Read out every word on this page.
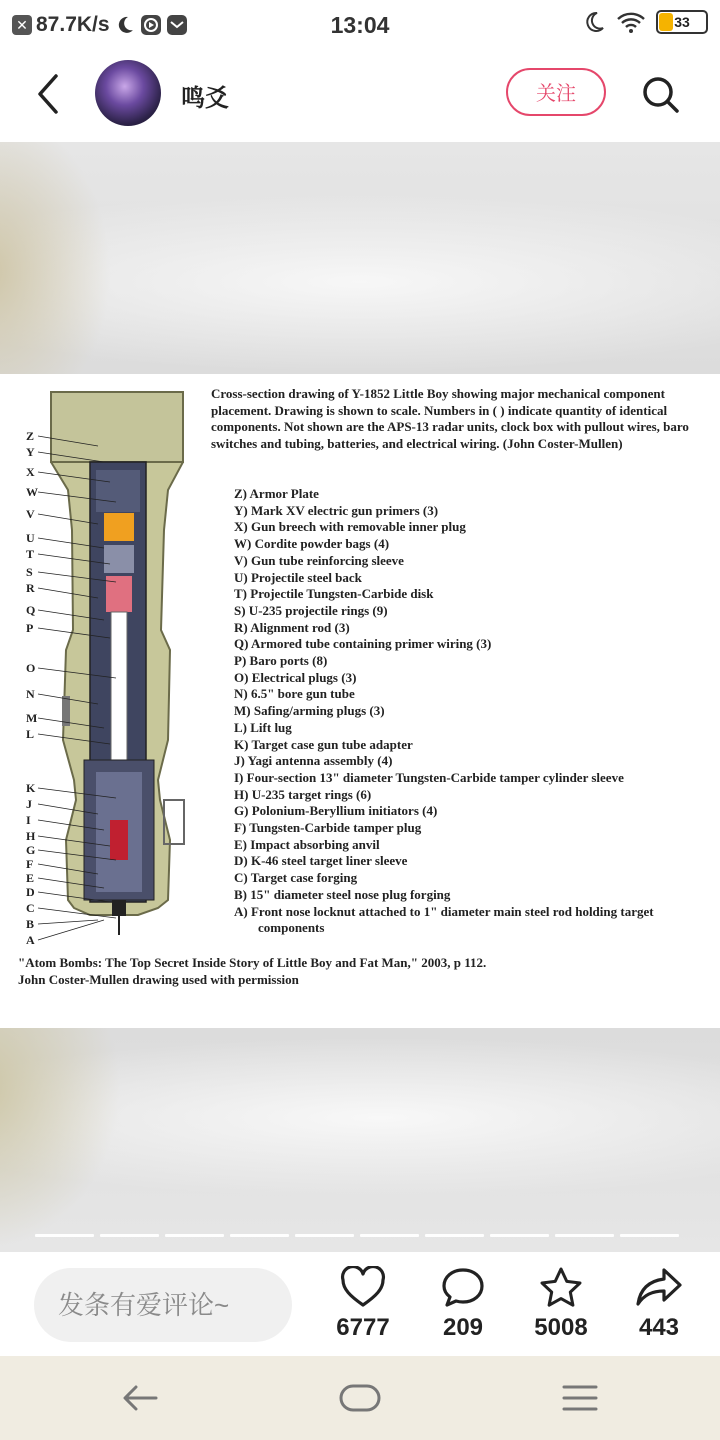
✕ 87.7K/s	13:04	33
鸣爻	关注
Z
Y
X
W
V
U
T
S
R
Q
P
O
N
M
L
K
J
I
H
G
F
E
D
C
B
A
Cross-section drawing of Y-1852 Little Boy showing major mechanical component placement. Drawing is shown to scale. Numbers in ( ) indicate quantity of identical components. Not shown are the APS-13 radar units, clock box with pullout wires, baro switches and tubing, batteries, and electrical wiring. (John Coster-Mullen)
Z) Armor Plate
Y) Mark XV electric gun primers (3)
X) Gun breech with removable inner plug
W) Cordite powder bags (4)
V) Gun tube reinforcing sleeve
U) Projectile steel back
T) Projectile Tungsten-Carbide disk
S) U-235 projectile rings (9)
R) Alignment rod (3)
Q) Armored tube containing primer wiring (3)
P) Baro ports (8)
O) Electrical plugs (3)
N) 6.5" bore gun tube
M) Safing/arming plugs (3)
L) Lift lug
K) Target case gun tube adapter
J) Yagi antenna assembly (4)
I) Four-section 13" diameter Tungsten-Carbide tamper cylinder sleeve
H) U-235 target rings (6)
G) Polonium-Beryllium initiators (4)
F) Tungsten-Carbide tamper plug
E) Impact absorbing anvil
D) K-46 steel target liner sleeve
C) Target case forging
B) 15" diameter steel nose plug forging
A) Front nose locknut attached to 1" diameter main steel rod holding target components
"Atom Bombs: The Top Secret Inside Story of Little Boy and Fat Man," 2003, p 112.
John Coster-Mullen drawing used with permission
发条有爱评论~
6777	209	5008	443
